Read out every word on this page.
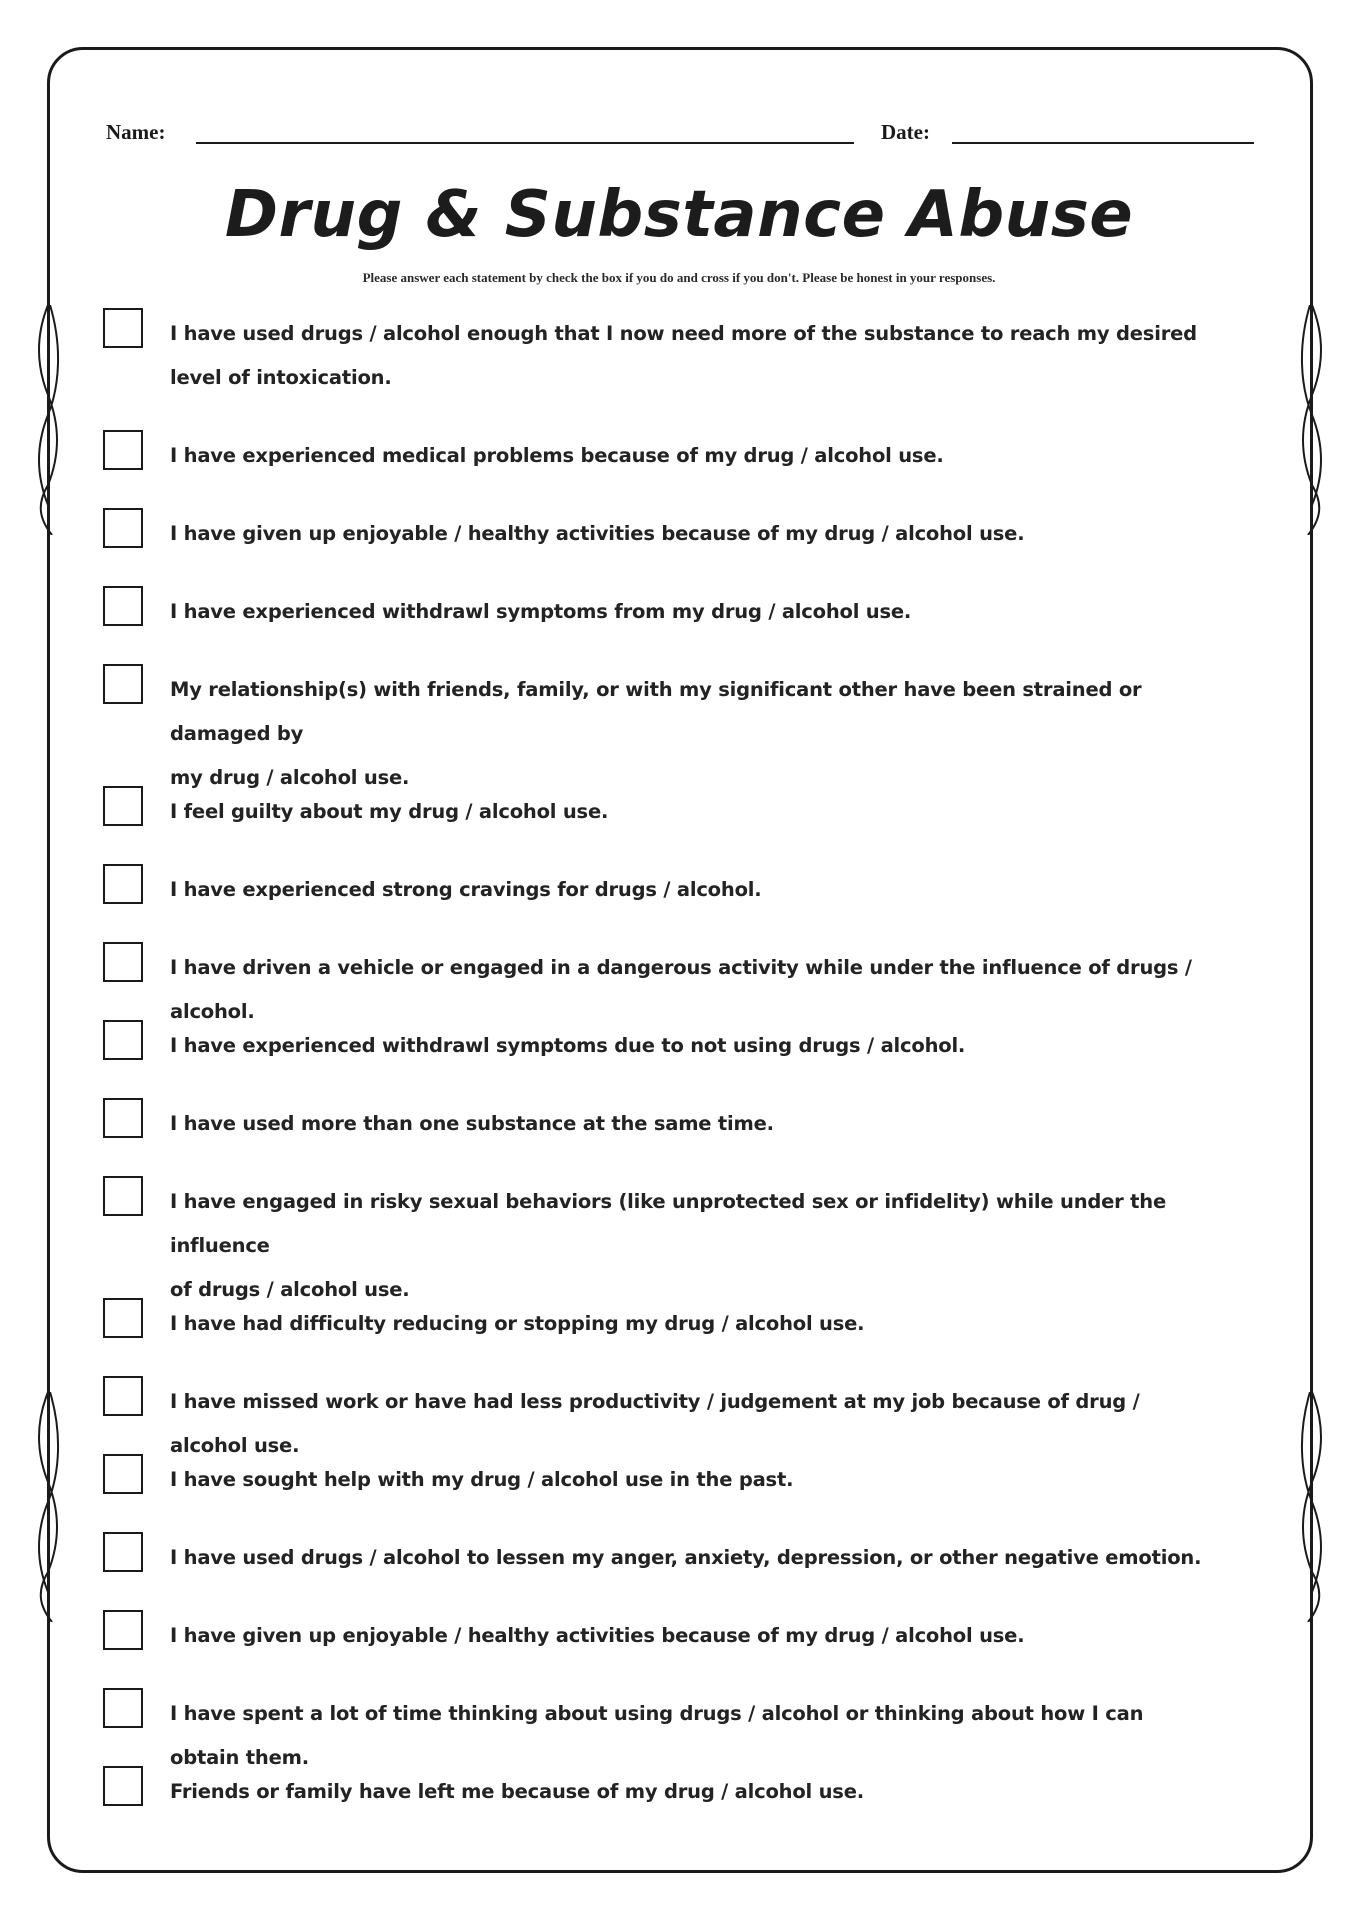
Name:	Date:
Drug & Substance Abuse
Please answer each statement by check the box if you do and cross if you don't. Please be honest in your responses.
I have used drugs / alcohol enough that I now need more of the substance to reach my desired
level of intoxication.
I have experienced medical problems because of my drug / alcohol use.
I have given up enjoyable / healthy activities because of my drug / alcohol use.
I have experienced withdrawl symptoms from my drug / alcohol use.
My relationship(s) with friends, family, or with my significant other have been strained or damaged by
my drug / alcohol use.
I feel guilty about my drug / alcohol use.
I have experienced strong cravings for drugs / alcohol.
I have driven a vehicle or engaged in a dangerous activity while under the influence of drugs / alcohol.
I have experienced withdrawl symptoms due to not using drugs / alcohol.
I have used more than one substance at the same time.
I have engaged in risky sexual behaviors (like unprotected sex or infidelity) while under the influence
of drugs / alcohol use.
I have had difficulty reducing or stopping my drug / alcohol use.
I have missed work or have had less productivity / judgement at my job because of drug / alcohol use.
I have sought help with my drug / alcohol use in the past.
I have used drugs / alcohol to lessen my anger, anxiety, depression, or other negative emotion.
I have given up enjoyable / healthy activities because of my drug / alcohol use.
I have spent a lot of time thinking about using drugs / alcohol or thinking about how I can obtain them.
Friends or family have left me because of my drug / alcohol use.
